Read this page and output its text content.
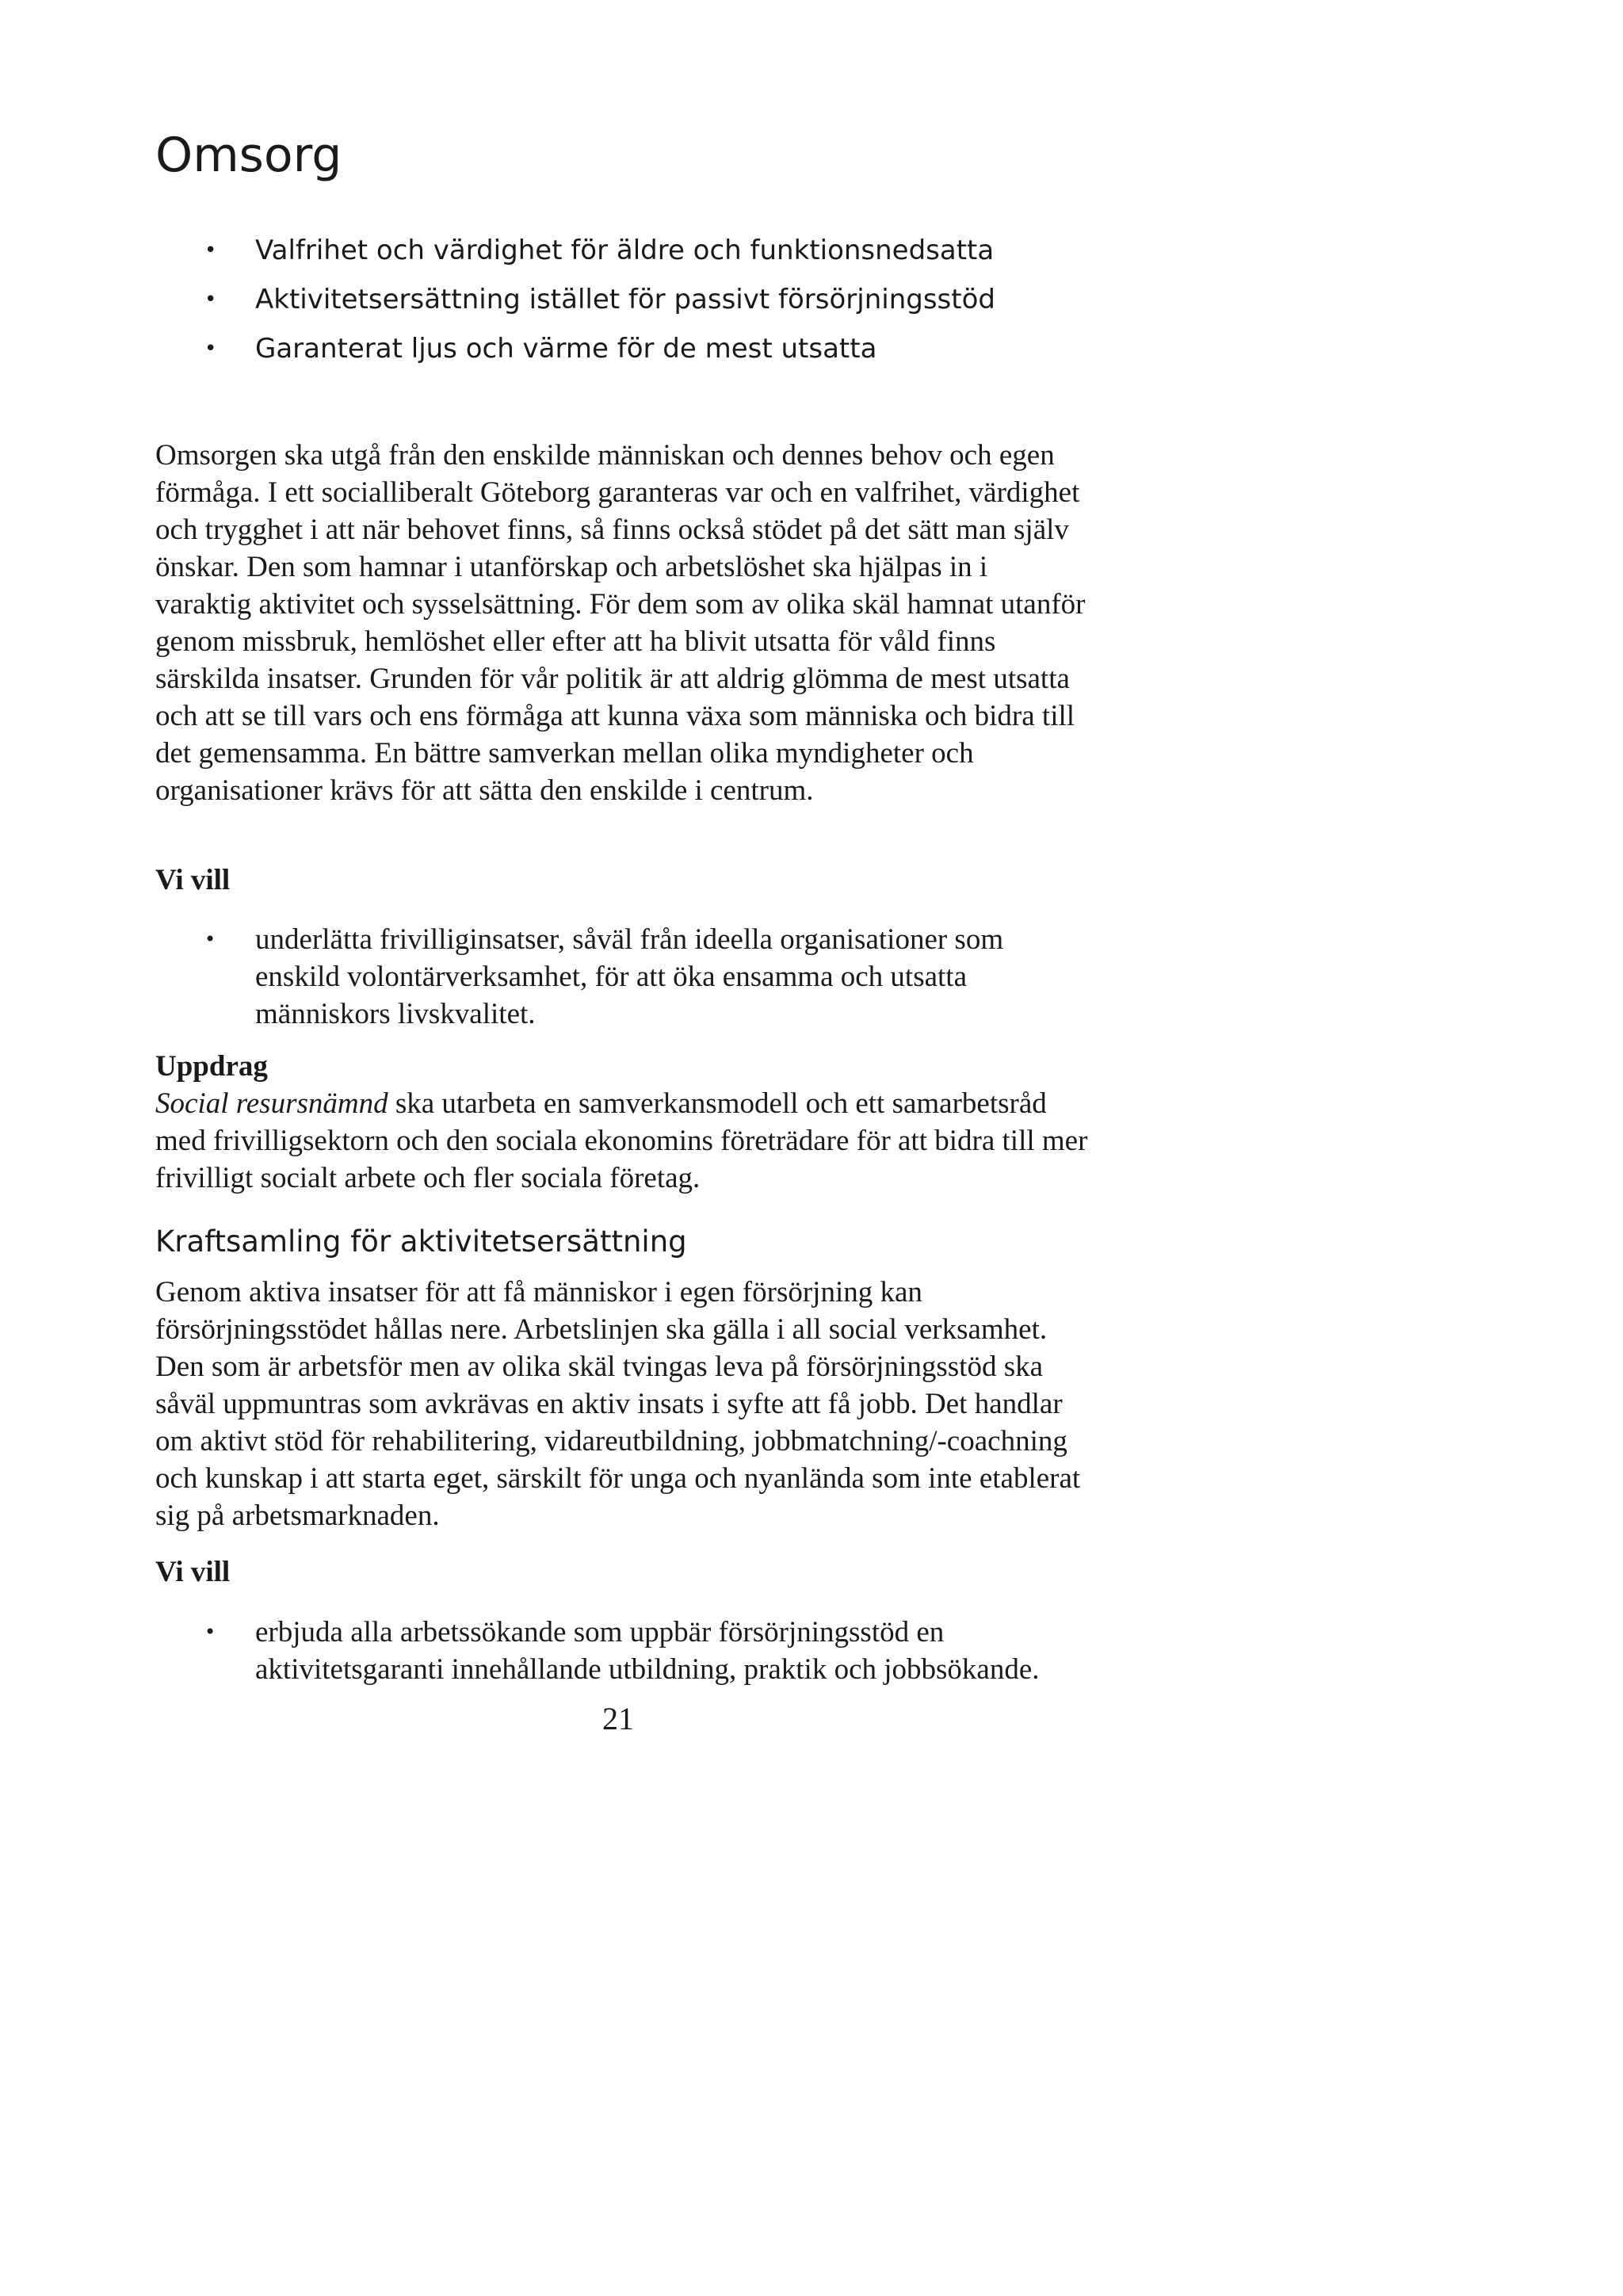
Omsorg
• Valfrihet och värdighet för äldre och funktionsnedsatta
• Aktivitetsersättning istället för passivt försörjningsstöd
• Garanterat ljus och värme för de mest utsatta

Omsorgen ska utgå från den enskilde människan och dennes behov och egen förmåga. I ett socialliberalt Göteborg garanteras var och en valfrihet, värdighet och trygghet i att när behovet finns, så finns också stödet på det sätt man själv önskar. Den som hamnar i utanförskap och arbetslöshet ska hjälpas in i varaktig aktivitet och sysselsättning. För dem som av olika skäl hamnat utanför genom missbruk, hemlöshet eller efter att ha blivit utsatta för våld finns särskilda insatser. Grunden för vår politik är att aldrig glömma de mest utsatta och att se till vars och ens förmåga att kunna växa som människa och bidra till det gemensamma. En bättre samverkan mellan olika myndigheter och organisationer krävs för att sätta den enskilde i centrum.

Vi vill

• underlätta frivilliginsatser, såväl från ideella organisationer som enskild volontärverksamhet, för att öka ensamma och utsatta människors livskvalitet.

Uppdrag

Social resursnämnd ska utarbeta en samverkansmodell och ett samarbetsråd med frivilligsektorn och den sociala ekonomins företrädare för att bidra till mer frivilligt socialt arbete och fler sociala företag.

Kraftsamling för aktivitetsersättning

Genom aktiva insatser för att få människor i egen försörjning kan försörjningsstödet hållas nere. Arbetslinjen ska gälla i all social verksamhet. Den som är arbetsför men av olika skäl tvingas leva på försörjningsstöd ska såväl uppmuntras som avkrävas en aktiv insats i syfte att få jobb. Det handlar om aktivt stöd för rehabilitering, vidareutbildning, jobbmatchning/-coachning och kunskap i att starta eget, särskilt för unga och nyanlända som inte etablerat sig på arbetsmarknaden.

Vi vill

• erbjuda alla arbetssökande som uppbär försörjningsstöd en aktivitetsgaranti innehållande utbildning, praktik och jobbsökande.

21
